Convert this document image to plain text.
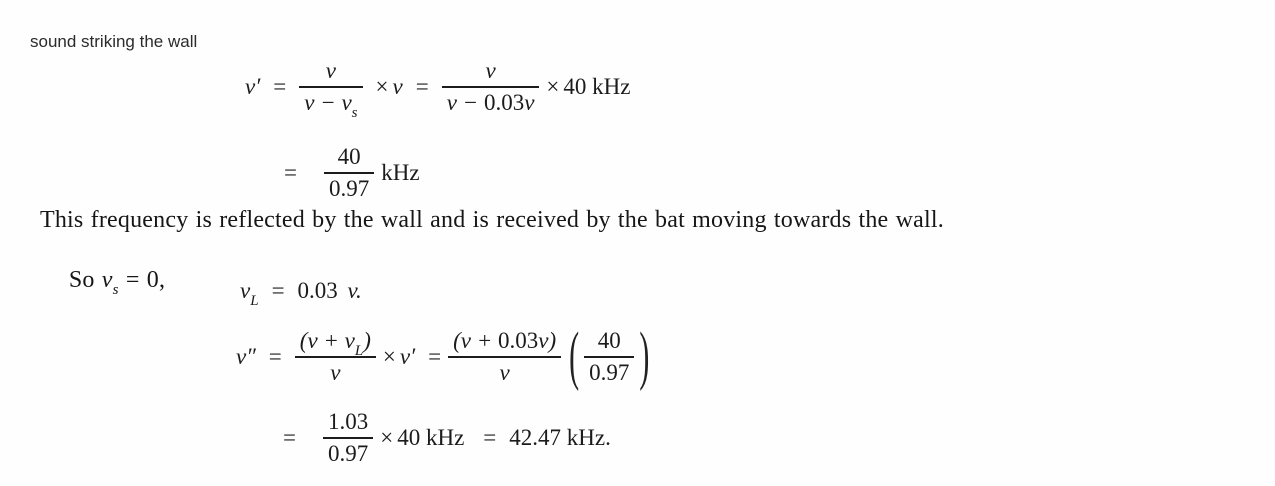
sound striking the wall
$\nu' = \frac{v}{v - v_s} \times \nu = \frac{v}{v - 0.03v} \times 40$ kHz
= $\frac{40}{0.97}$ kHz
This frequency is reflected by the wall and is received by the bat moving towards the wall.

So $v_s = 0$,
	$v_L = 0.03$ v.
$\nu'' = \frac{(v + v_L)}{v} \times \nu' = \frac{(v + 0.03v)}{v}$ ( $\frac{40}{0.97}$ )
= $\frac{1.03}{0.97} \times 40$ kHz = 42.47 kHz.
